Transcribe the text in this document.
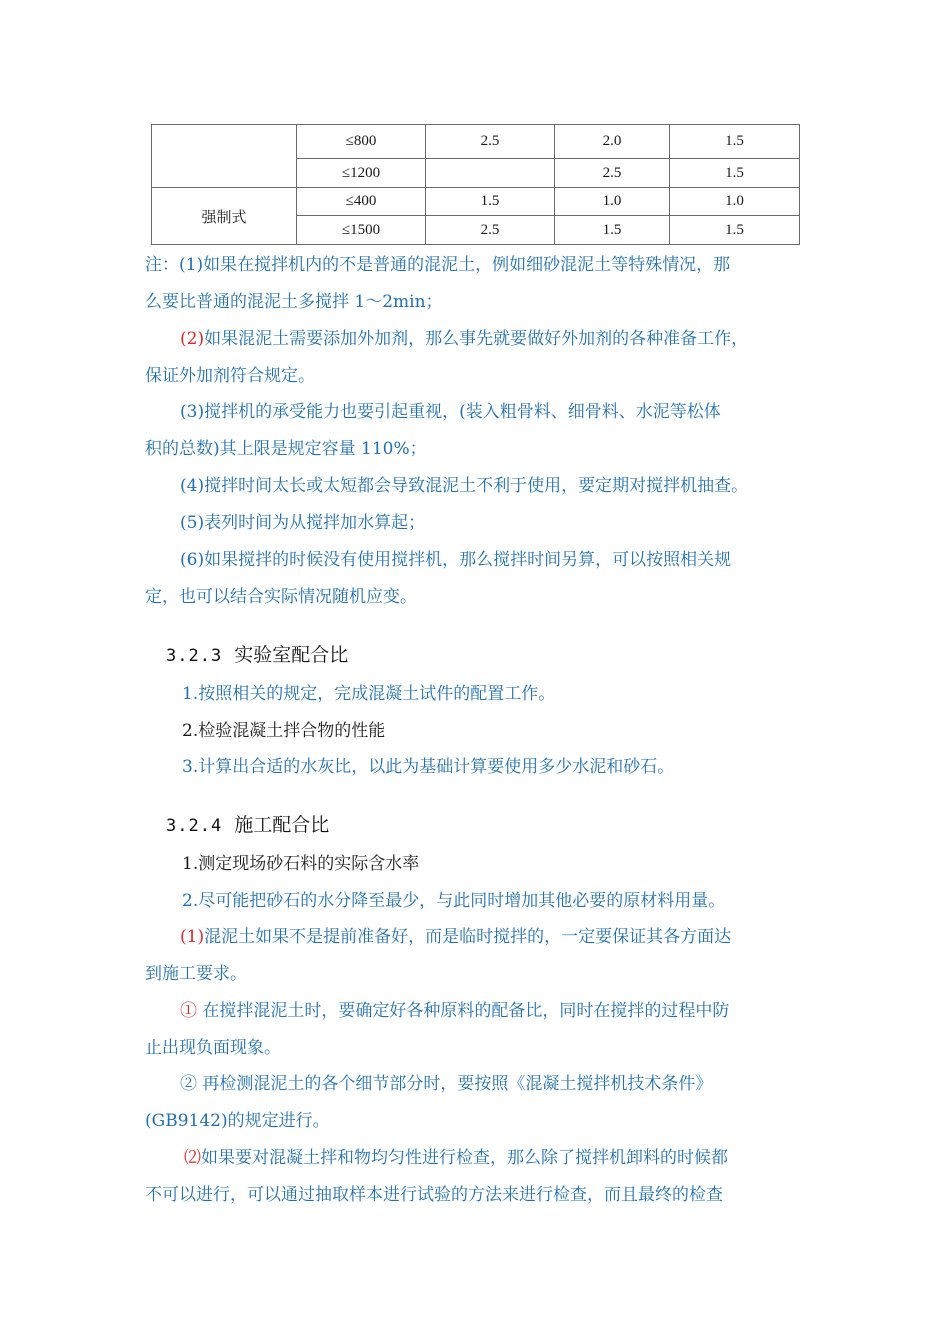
	≤800	2.5	2.0	1.5
	≤1200		2.5	1.5
强制式	≤400	1.5	1.0	1.0
	≤1500	2.5	1.5	1.5
注：(1)如果在搅拌机内的不是普通的混泥土，例如细砂混泥土等特殊情况，那
么要比普通的混泥土多搅拌 1～2min；
(2)如果混泥土需要添加外加剂，那么事先就要做好外加剂的各种准备工作，
保证外加剂符合规定。
(3)搅拌机的承受能力也要引起重视，(装入粗骨料、细骨料、水泥等松体
积的总数)其上限是规定容量 110%；
(4)搅拌时间太长或太短都会导致混泥土不利于使用，要定期对搅拌机抽查。
(5)表列时间为从搅拌加水算起；
(6)如果搅拌的时候没有使用搅拌机，那么搅拌时间另算，可以按照相关规
定，也可以结合实际情况随机应变。
3.2.3 实验室配合比
1.按照相关的规定，完成混凝土试件的配置工作。
2.检验混凝土拌合物的性能
3.计算出合适的水灰比，以此为基础计算要使用多少水泥和砂石。
3.2.4 施工配合比
1.测定现场砂石料的实际含水率
2.尽可能把砂石的水分降至最少，与此同时增加其他必要的原材料用量。
(1)混泥土如果不是提前准备好，而是临时搅拌的，一定要保证其各方面达
到施工要求。
① 在搅拌混泥土时，要确定好各种原料的配备比，同时在搅拌的过程中防
止出现负面现象。
② 再检测混泥土的各个细节部分时，要按照《混凝土搅拌机技术条件》
(GB9142)的规定进行。
⑵如果要对混凝土拌和物均匀性进行检查，那么除了搅拌机卸料的时候都
不可以进行，可以通过抽取样本进行试验的方法来进行检查，而且最终的检查
